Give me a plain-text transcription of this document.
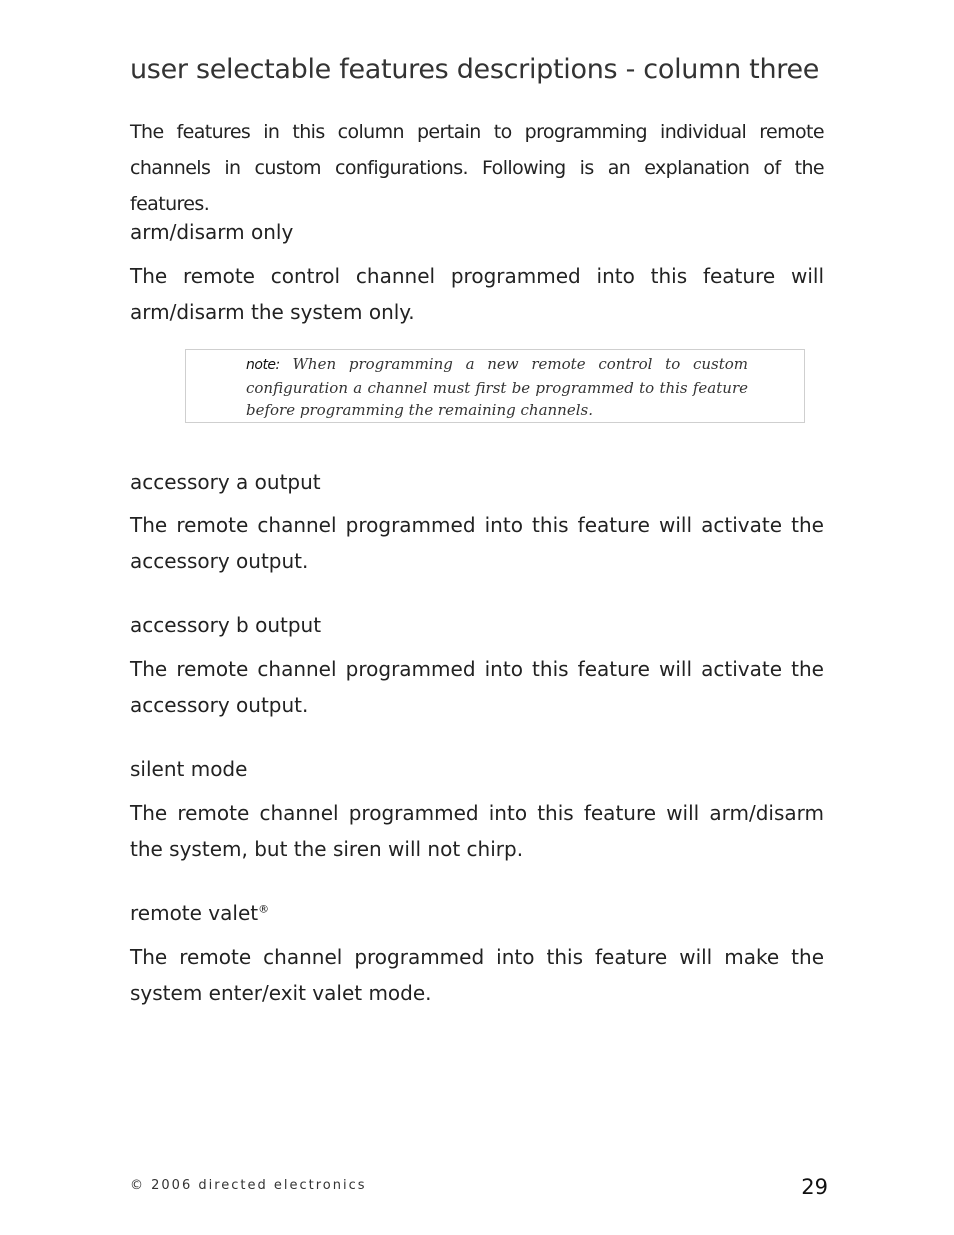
user selectable features descriptions - column three

The features in this column pertain to programming individual remote channels in custom configurations. Following is an explanation of the features.

arm/disarm only

The remote control channel programmed into this feature will arm/disarm the system only.

note: When programming a new remote control to custom configuration a channel must first be programmed to this feature before programming the remaining channels.

accessory a output

The remote channel programmed into this feature will activate the accessory output.

accessory b output

The remote channel programmed into this feature will activate the accessory output.

silent mode

The remote channel programmed into this feature will arm/disarm the system, but the siren will not chirp.

remote valet®

The remote channel programmed into this feature will make the system enter/exit valet mode.

© 2006 directed electronics	29
